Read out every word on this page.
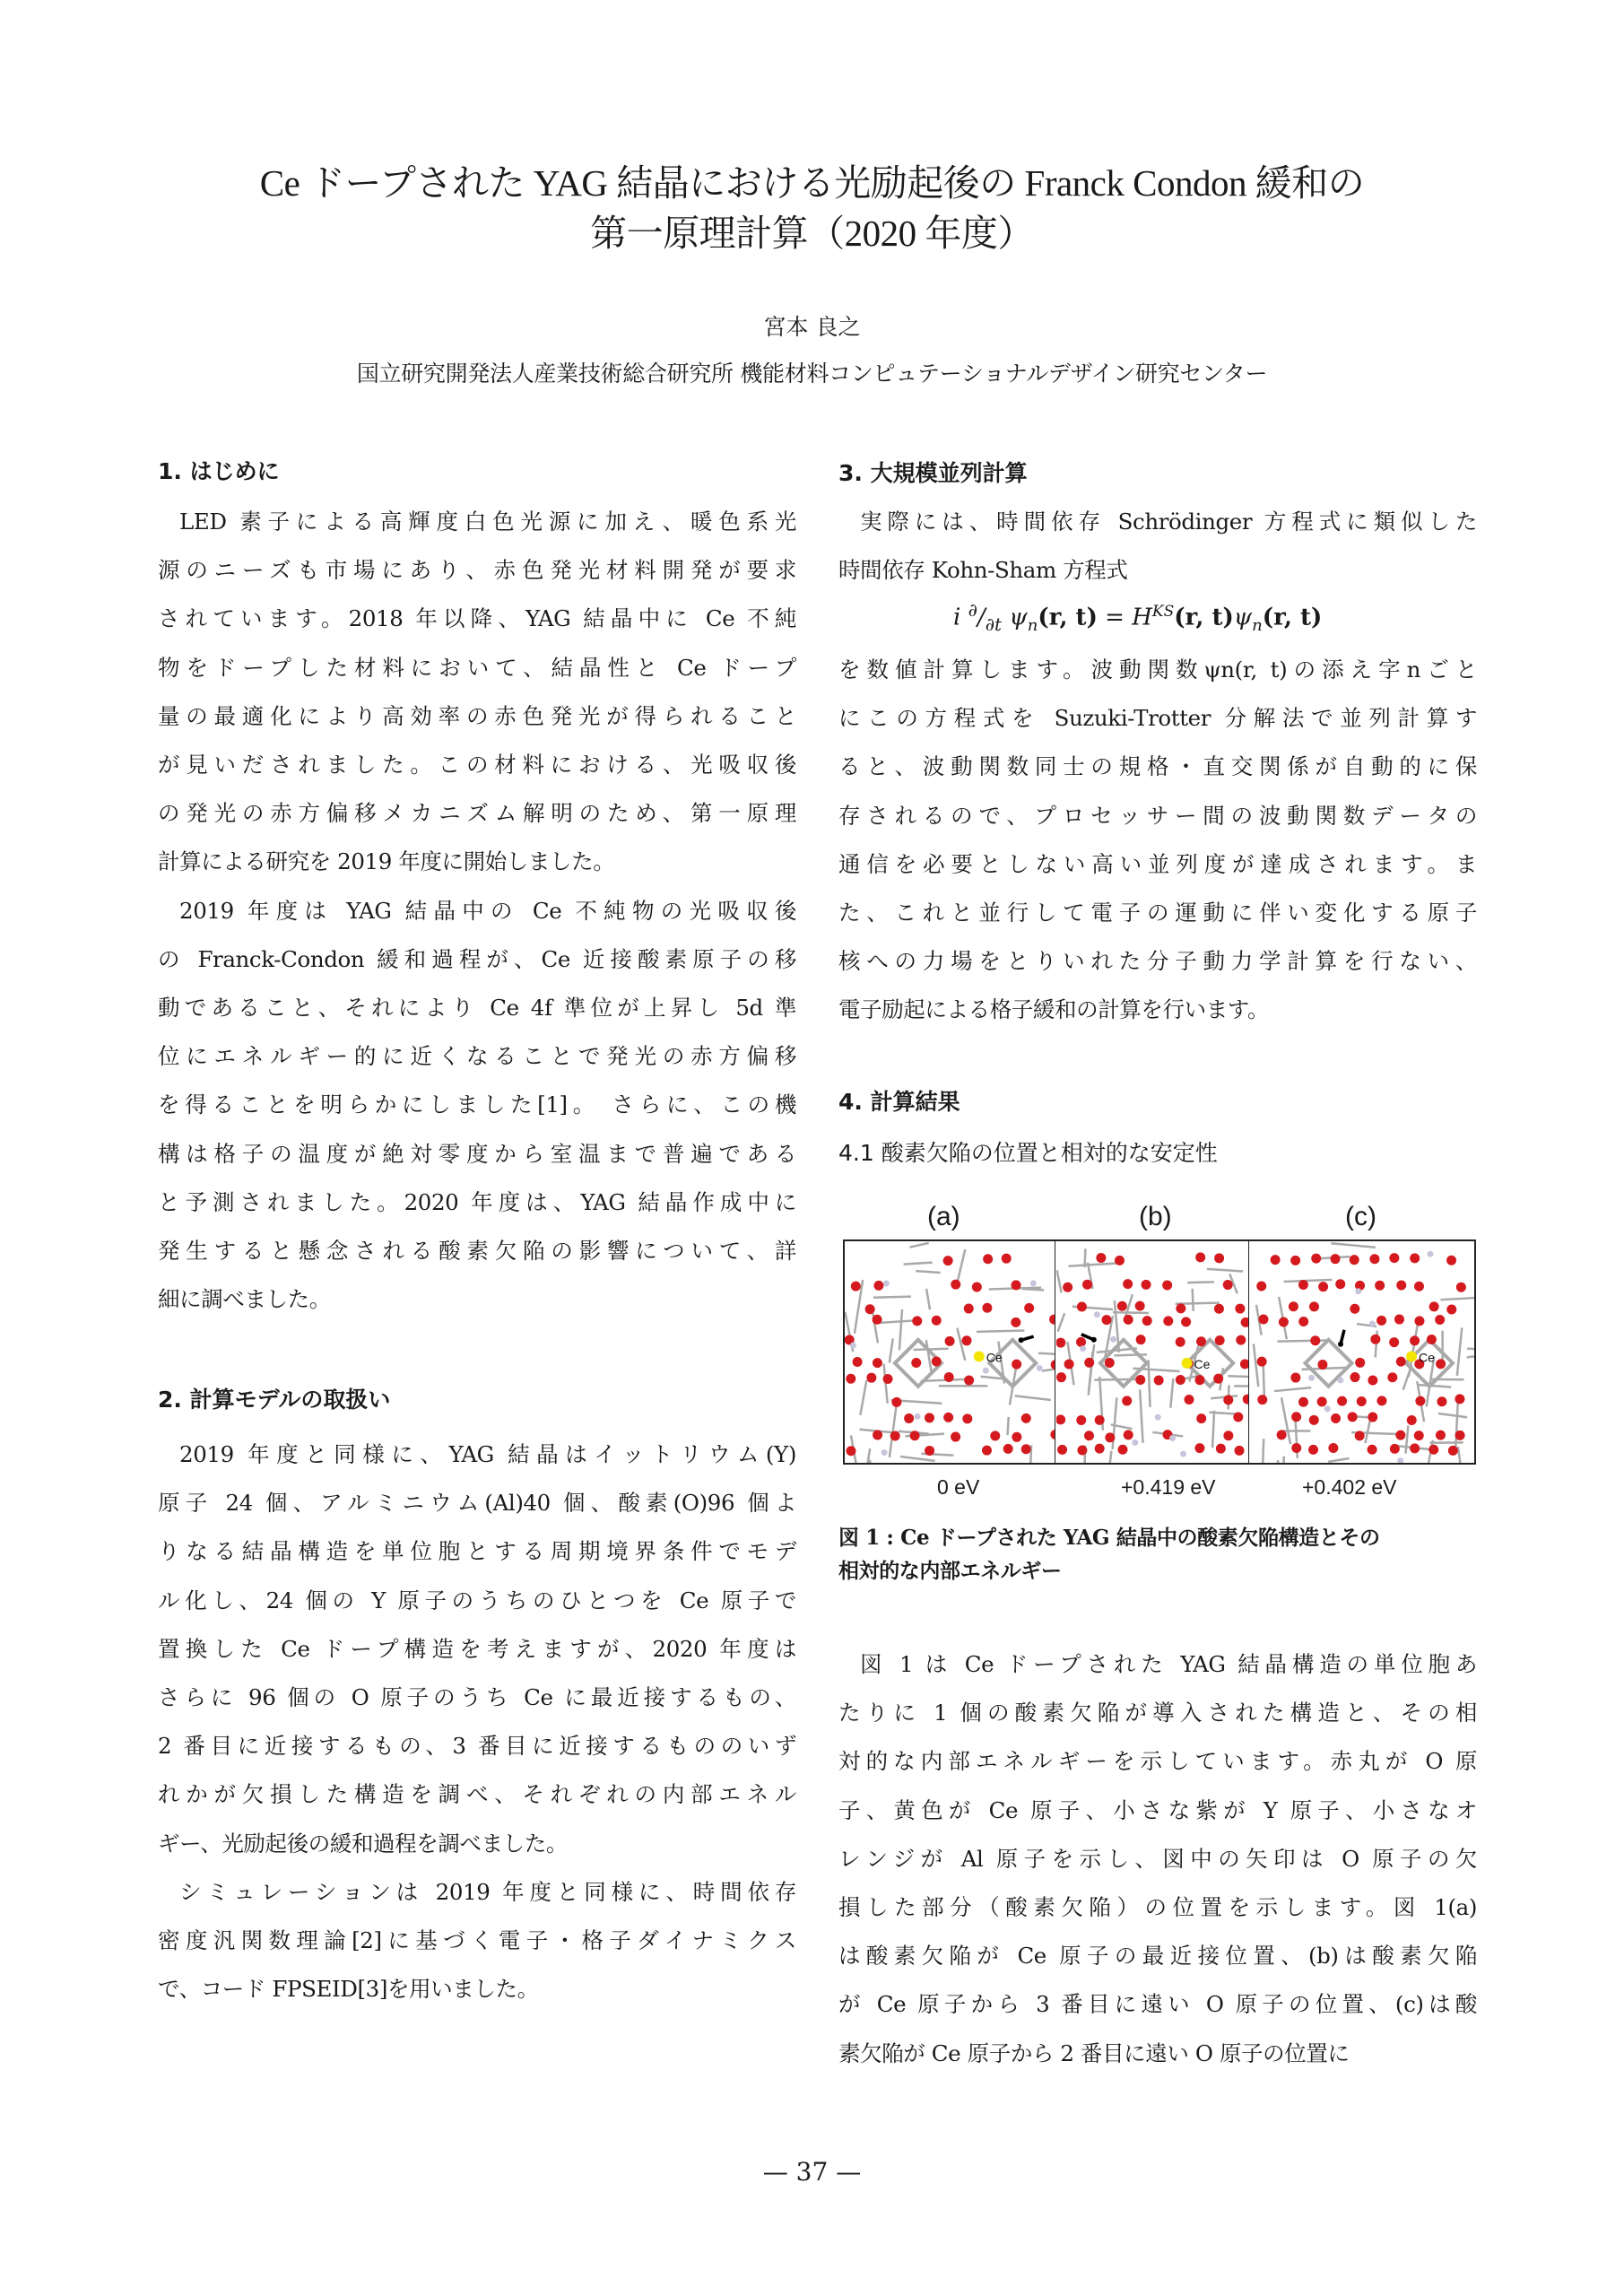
Ce ドープされた YAG 結晶における光励起後の Franck Condon 緩和の
第一原理計算（2020 年度）
宮本 良之
国立研究開発法人産業技術総合研究所 機能材料コンピュテーショナルデザイン研究センター
1. はじめに
LED 素子による高輝度白色光源に加え、暖色系光
源のニーズも市場にあり、赤色発光材料開発が要求
されています。2018 年以降、YAG 結晶中に Ce 不純
物をドープした材料において、結晶性と Ce ドープ
量の最適化により高効率の赤色発光が得られること
が見いだされました。この材料における、光吸収後
の発光の赤方偏移メカニズム解明のため、第一原理
計算による研究を 2019 年度に開始しました。
2019 年度は YAG 結晶中の Ce 不純物の光吸収後
の Franck-Condon 緩和過程が、Ce 近接酸素原子の移
動であること、それにより Ce 4f 準位が上昇し 5d 準
位にエネルギー的に近くなることで発光の赤方偏移
を得ることを明らかにしました[1]。 さらに、この機
構は格子の温度が絶対零度から室温まで普遍である
と予測されました。2020 年度は、YAG 結晶作成中に
発生すると懸念される酸素欠陥の影響について、詳
細に調べました。
2. 計算モデルの取扱い
2019 年度と同様に、YAG 結晶はイットリウム(Y)
原子 24 個、アルミニウム(Al)40 個、酸素(O)96 個よ
りなる結晶構造を単位胞とする周期境界条件でモデ
ル化し、24 個の Y 原子のうちのひとつを Ce 原子で
置換した Ce ドープ構造を考えますが、2020 年度は
さらに 96 個の O 原子のうち Ce に最近接するもの、
2 番目に近接するもの、3 番目に近接するもののいず
れかが欠損した構造を調べ、それぞれの内部エネル
ギー、光励起後の緩和過程を調べました。
シミュレーションは 2019 年度と同様に、時間依存
密度汎関数理論[2]に基づく電子・格子ダイナミクス
で、コード FPSEID[3]を用いました。
3. 大規模並列計算
実際には、時間依存 Schrödinger 方程式に類似した
時間依存 Kohn-Sham 方程式
i $^\partial/_{\partial t}$ $\psi_n(r$, $t) = H^{KS}(r$, $t)\psi_n(r$, t)
を数値計算します。波動関数ψn(r, t)の添え字nごと
にこの方程式を Suzuki-Trotter 分解法で並列計算す
ると、波動関数同士の規格・直交関係が自動的に保
存されるので、プロセッサー間の波動関数データの
通信を必要としない高い並列度が達成されます。ま
た、これと並行して電子の運動に伴い変化する原子
核への力場をとりいれた分子動力学計算を行ない、
電子励起による格子緩和の計算を行います。
4. 計算結果
4.1 酸素欠陥の位置と相対的な安定性
(a)	(b)	(c)
Ce	Ce	Ce
0 eV	+0.419 eV	+0.402 eV
図 1 : Ce ドープされた YAG 結晶中の酸素欠陥構造とその
相対的な内部エネルギー
図 1 は Ce ドープされた YAG 結晶構造の単位胞あ
たりに 1 個の酸素欠陥が導入された構造と、その相
対的な内部エネルギーを示しています。赤丸が O 原
子、黄色が Ce 原子、小さな紫が Y 原子、小さなオ
レンジが Al 原子を示し、図中の矢印は O 原子の欠
損した部分（酸素欠陥）の位置を示します。図 1(a)
は酸素欠陥が Ce 原子の最近接位置、(b)は酸素欠陥
が Ce 原子から 3 番目に遠い O 原子の位置、(c)は酸
素欠陥が Ce 原子から 2 番目に遠い O 原子の位置に
— 37 —
